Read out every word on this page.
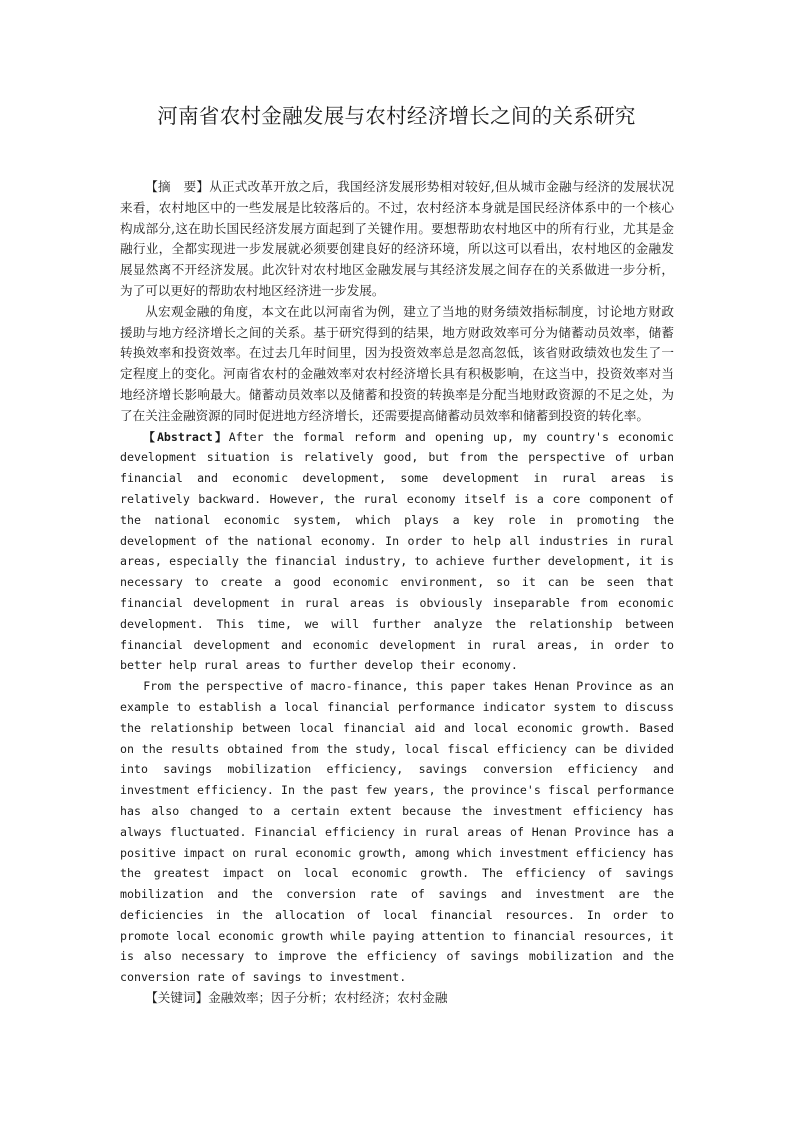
河南省农村金融发展与农村经济增长之间的关系研究

【摘　要】从正式改革开放之后，我国经济发展形势相对较好,但从城市金融与经济的发展状况来看，农村地区中的一些发展是比较落后的。不过，农村经济本身就是国民经济体系中的一个核心构成部分,这在助长国民经济发展方面起到了关键作用。要想帮助农村地区中的所有行业，尤其是金融行业，全都实现进一步发展就必须要创建良好的经济环境，所以这可以看出，农村地区的金融发展显然离不开经济发展。此次针对农村地区金融发展与其经济发展之间存在的关系做进一步分析，为了可以更好的帮助农村地区经济进一步发展。

从宏观金融的角度，本文在此以河南省为例，建立了当地的财务绩效指标制度，讨论地方财政援助与地方经济增长之间的关系。基于研究得到的结果，地方财政效率可分为储蓄动员效率，储蓄转换效率和投资效率。在过去几年时间里，因为投资效率总是忽高忽低，该省财政绩效也发生了一定程度上的变化。河南省农村的金融效率对农村经济增长具有积极影响，在这当中，投资效率对当地经济增长影响最大。储蓄动员效率以及储蓄和投资的转换率是分配当地财政资源的不足之处，为了在关注金融资源的同时促进地方经济增长，还需要提高储蓄动员效率和储蓄到投资的转化率。

【Abstract】After the formal reform and opening up, my country's economic development situation is relatively good, but from the perspective of urban financial and economic development, some development in rural areas is relatively backward. However, the rural economy itself is a core component of the national economic system, which plays a key role in promoting the development of the national economy. In order to help all industries in rural areas, especially the financial industry, to achieve further development, it is necessary to create a good economic environment, so it can be seen that financial development in rural areas is obviously inseparable from economic development. This time, we will further analyze the relationship between financial development and economic development in rural areas, in order to better help rural areas to further develop their economy.

From the perspective of macro-finance, this paper takes Henan Province as an example to establish a local financial performance indicator system to discuss the relationship between local financial aid and local economic growth. Based on the results obtained from the study, local fiscal efficiency can be divided into savings mobilization efficiency, savings conversion efficiency and investment efficiency. In the past few years, the province's fiscal performance has also changed to a certain extent because the investment efficiency has always fluctuated. Financial efficiency in rural areas of Henan Province has a positive impact on rural economic growth, among which investment efficiency has the greatest impact on local economic growth. The efficiency of savings mobilization and the conversion rate of savings and investment are the deficiencies in the allocation of local financial resources. In order to promote local economic growth while paying attention to financial resources, it is also necessary to improve the efficiency of savings mobilization and the conversion rate of savings to investment.

【关键词】金融效率；因子分析；农村经济；农村金融
